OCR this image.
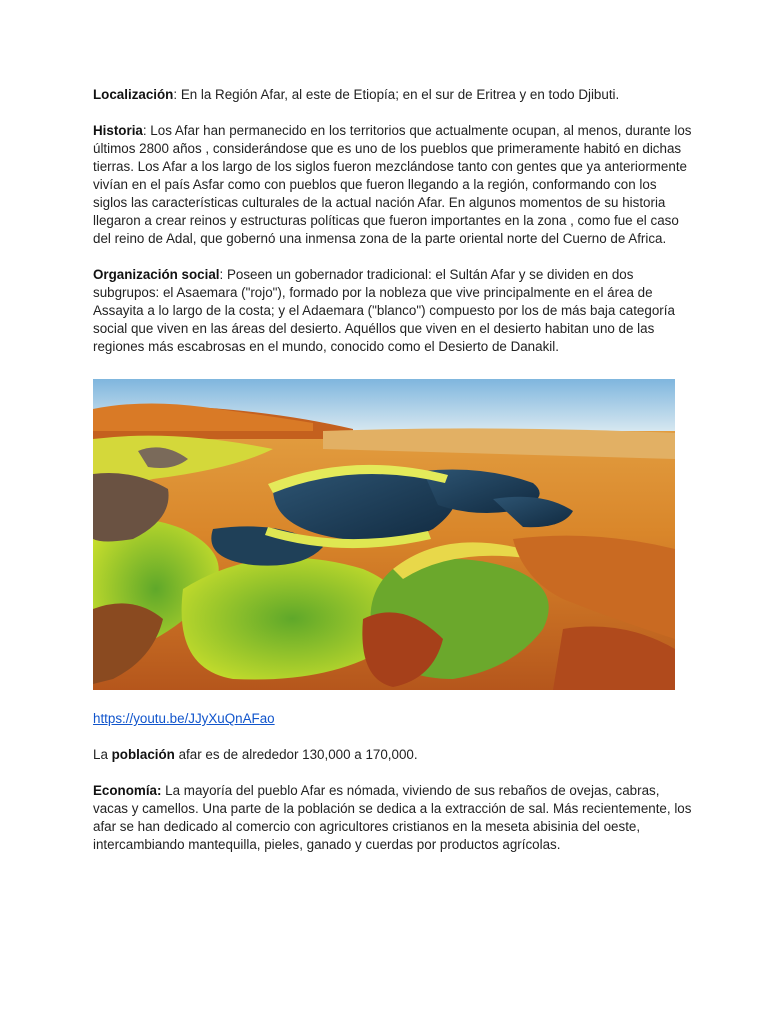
Localización: En la Región Afar, al este de Etiopía; en el sur de Eritrea y en todo Djibuti.

Historia: Los Afar han permanecido en los territorios que actualmente ocupan, al menos, durante los últimos 2800 años , considerándose que es uno de los pueblos que primeramente habitó en dichas tierras. Los Afar a los largo de los siglos fueron mezclándose tanto con gentes que ya anteriormente vivían en el país Asfar como con pueblos que fueron llegando a la región, conformando con los siglos las características culturales de la actual nación Afar. En algunos momentos de su historia llegaron a crear reinos y estructuras políticas que fueron importantes en la zona , como fue el caso del reino de Adal, que gobernó una inmensa zona de la parte oriental norte del Cuerno de Africa.

Organización social: Poseen un gobernador tradicional: el Sultán Afar y se dividen en dos subgrupos: el Asaemara ("rojo"), formado por la nobleza que vive principalmente en el área de Assayita a lo largo de la costa; y el Adaemara ("blanco") compuesto por los de más baja categoría social que viven en las áreas del desierto. Aquéllos que viven en el desierto habitan uno de las regiones más escabrosas en el mundo, conocido como el Desierto de Danakil.

https://youtu.be/JJyXuQnAFao

La población afar es de alrededor 130,000 a 170,000.

Economía: La mayoría del pueblo Afar es nómada, viviendo de sus rebaños de ovejas, cabras, vacas y camellos. Una parte de la población se dedica a la extracción de sal. Más recientemente, los afar se han dedicado al comercio con agricultores cristianos en la meseta abisinia del oeste, intercambiando mantequilla, pieles, ganado y cuerdas por productos agrícolas.
